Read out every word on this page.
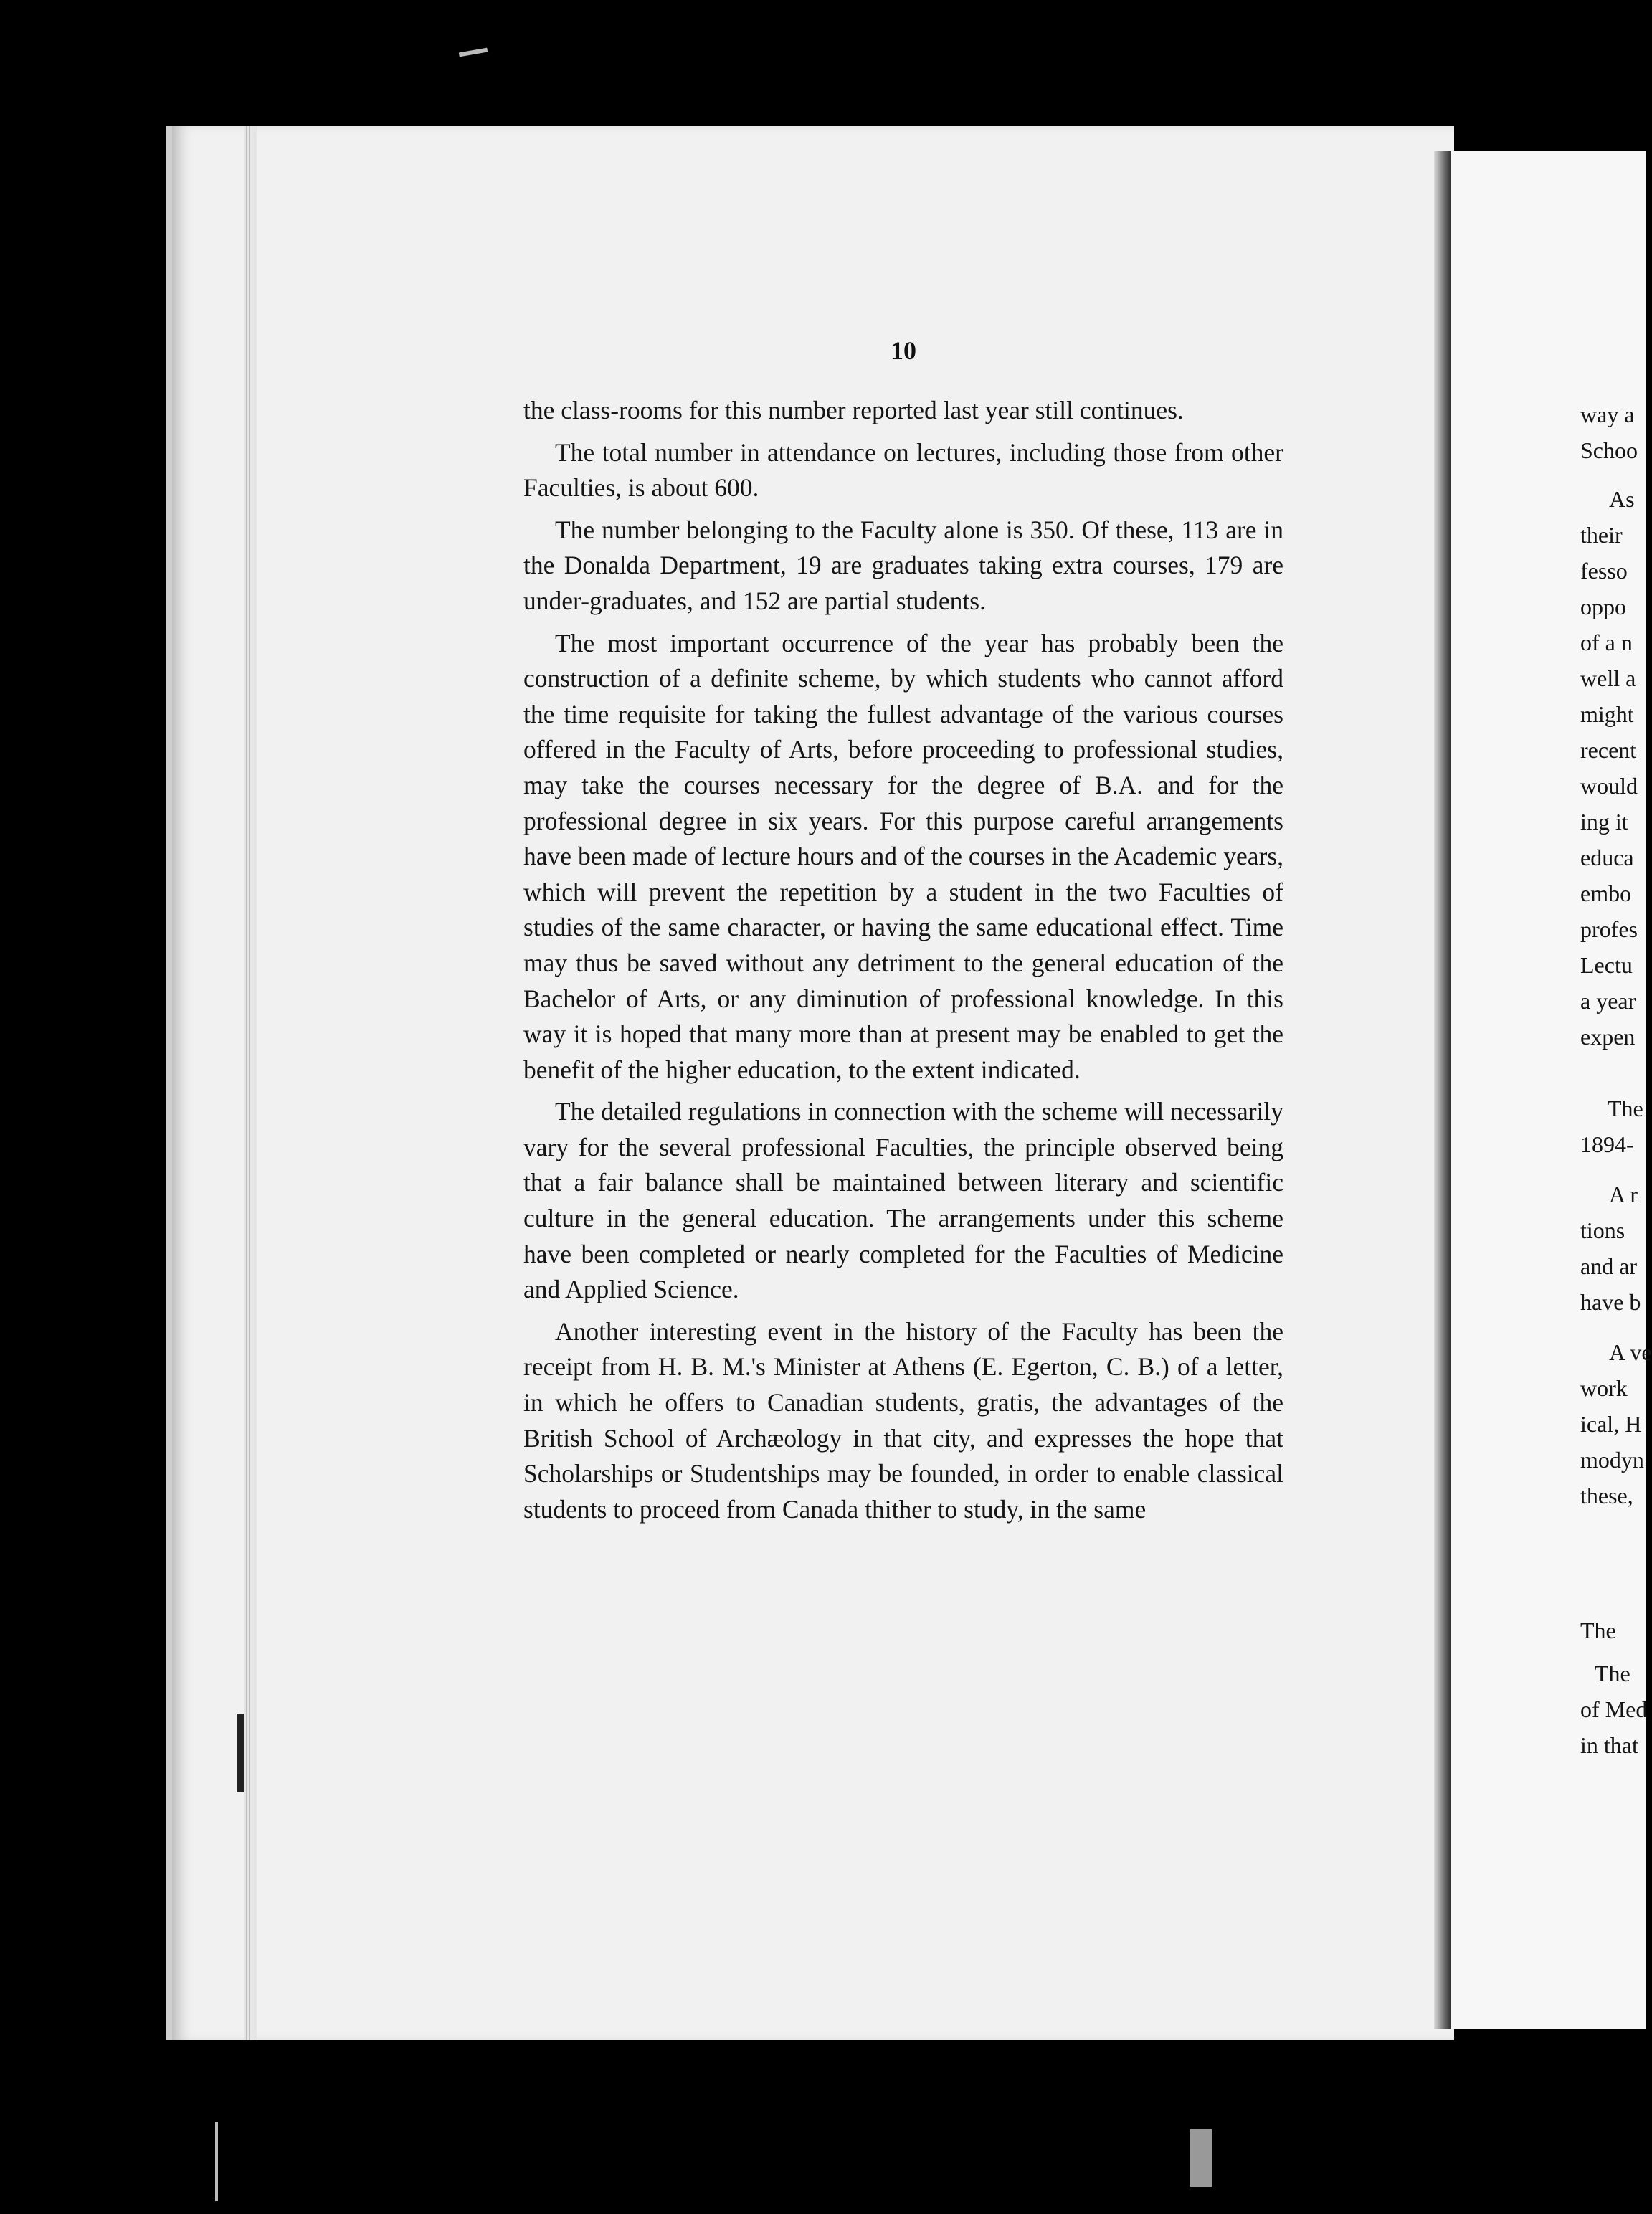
way a
Schoo
As
their
fesso
oppo
of a n
well a
might
recent
would
ing it
educa
embo
profes
Lectu
a year
expen
The
1894-
A r
tions
and ar
have b
A ve
work
ical, H
modyn
these,
The
The
of Med
in that
10

the class-rooms for this number reported last year still continues.

The total number in attendance on lectures, including those from other Faculties, is about 600.

The number belonging to the Faculty alone is 350. Of these, 113 are in the Donalda Department, 19 are graduates taking extra courses, 179 are under-graduates, and 152 are partial students.

The most important occurrence of the year has probably been the construction of a definite scheme, by which students who cannot afford the time requisite for taking the fullest advantage of the various courses offered in the Faculty of Arts, before proceeding to professional studies, may take the courses necessary for the degree of B.A. and for the professional degree in six years. For this purpose careful arrangements have been made of lecture hours and of the courses in the Academic years, which will prevent the repetition by a student in the two Faculties of studies of the same character, or having the same educational effect. Time may thus be saved without any detriment to the general education of the Bachelor of Arts, or any diminution of professional knowledge. In this way it is hoped that many more than at present may be enabled to get the benefit of the higher education, to the extent indicated.

The detailed regulations in connection with the scheme will necessarily vary for the several professional Faculties, the principle observed being that a fair balance shall be maintained between literary and scientific culture in the general education. The arrangements under this scheme have been completed or nearly completed for the Faculties of Medicine and Applied Science.

Another interesting event in the history of the Faculty has been the receipt from H. B. M.'s Minister at Athens (E. Egerton, C. B.) of a letter, in which he offers to Canadian students, gratis, the advantages of the British School of Archæology in that city, and expresses the hope that Scholarships or Studentships may be founded, in order to enable classical students to proceed from Canada thither to study, in the same
